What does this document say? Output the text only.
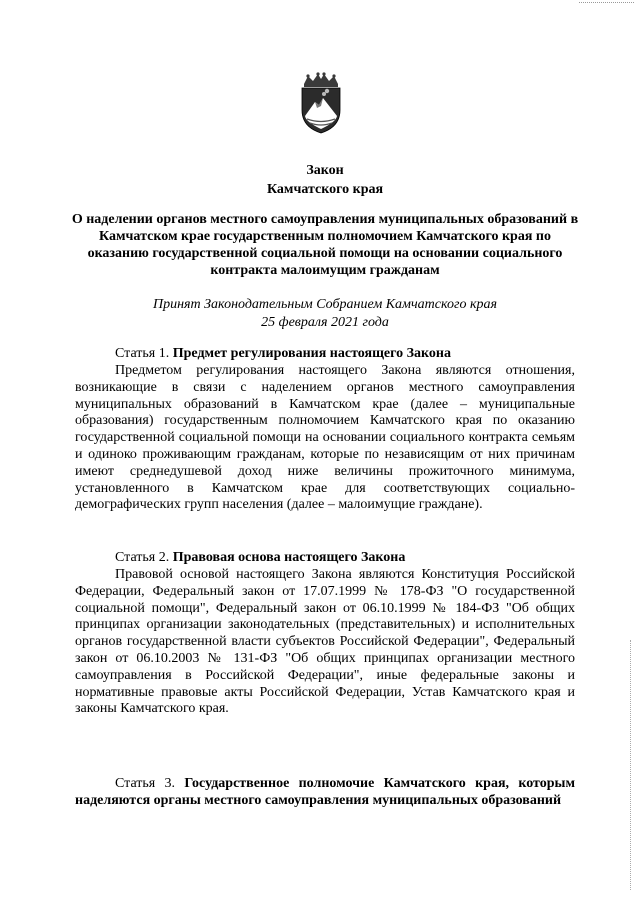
Закон
Камчатского края
О наделении органов местного самоуправления муниципальных образований в Камчатском крае государственным полномочием Камчатского края по оказанию государственной социальной помощи на основании социального контракта малоимущим гражданам
Принят Законодательным Собранием Камчатского края
25 февраля 2021 года
Статья 1. Предмет регулирования настоящего Закона
Предметом регулирования настоящего Закона являются отношения, возникающие в связи с наделением органов местного самоуправления муниципальных образований в Камчатском крае (далее – муниципальные образования) государственным полномочием Камчатского края по оказанию государственной социальной помощи на основании социального контракта семьям и одиноко проживающим гражданам, которые по независящим от них причинам имеют среднедушевой доход ниже величины прожиточного минимума, установленного в Камчатском крае для соответствующих социально-демографических групп населения (далее – малоимущие граждане).
Статья 2. Правовая основа настоящего Закона
Правовой основой настоящего Закона являются Конституция Российской Федерации, Федеральный закон от 17.07.1999 № 178-ФЗ "О государственной социальной помощи", Федеральный закон от 06.10.1999 № 184-ФЗ "Об общих принципах организации законодательных (представительных) и исполнительных органов государственной власти субъектов Российской Федерации", Федеральный закон от 06.10.2003 № 131-ФЗ "Об общих принципах организации местного самоуправления в Российской Федерации", иные федеральные законы и нормативные правовые акты Российской Федерации, Устав Камчатского края и законы Камчатского края.
Статья 3. Государственное полномочие Камчатского края, которым наделяются органы местного самоуправления муниципальных образований
